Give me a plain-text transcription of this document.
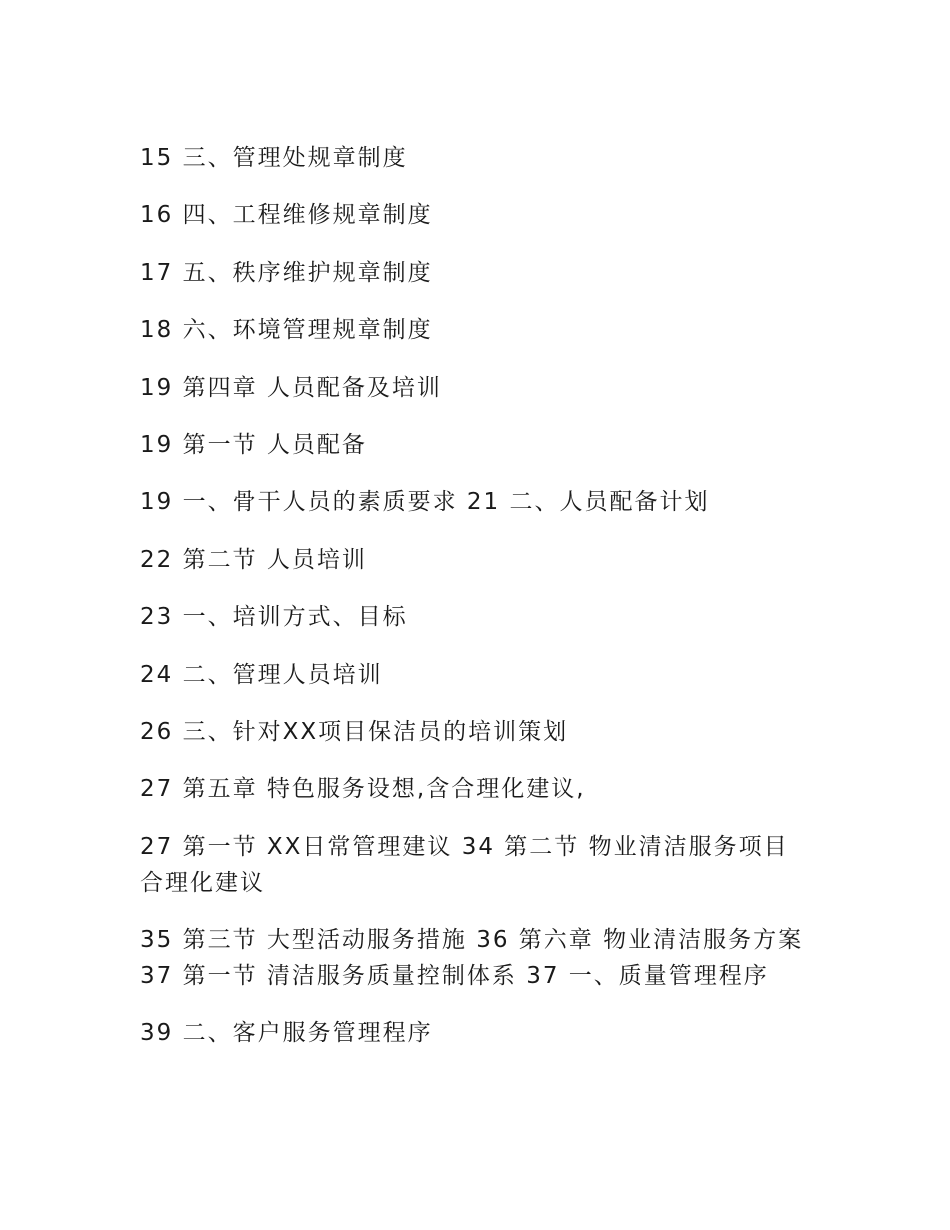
15 三、管理处规章制度

16 四、工程维修规章制度

17 五、秩序维护规章制度

18 六、环境管理规章制度

19 第四章 人员配备及培训

19 第一节 人员配备

19 一、骨干人员的素质要求 21 二、人员配备计划

22 第二节 人员培训

23 一、培训方式、目标

24 二、管理人员培训

26 三、针对XX项目保洁员的培训策划

27 第五章 特色服务设想,含合理化建议,

27 第一节 XX日常管理建议 34 第二节 物业清洁服务项目合理化建议

35 第三节 大型活动服务措施 36 第六章 物业清洁服务方案 37 第一节 清洁服务质量控制体系 37 一、质量管理程序

39 二、客户服务管理程序
